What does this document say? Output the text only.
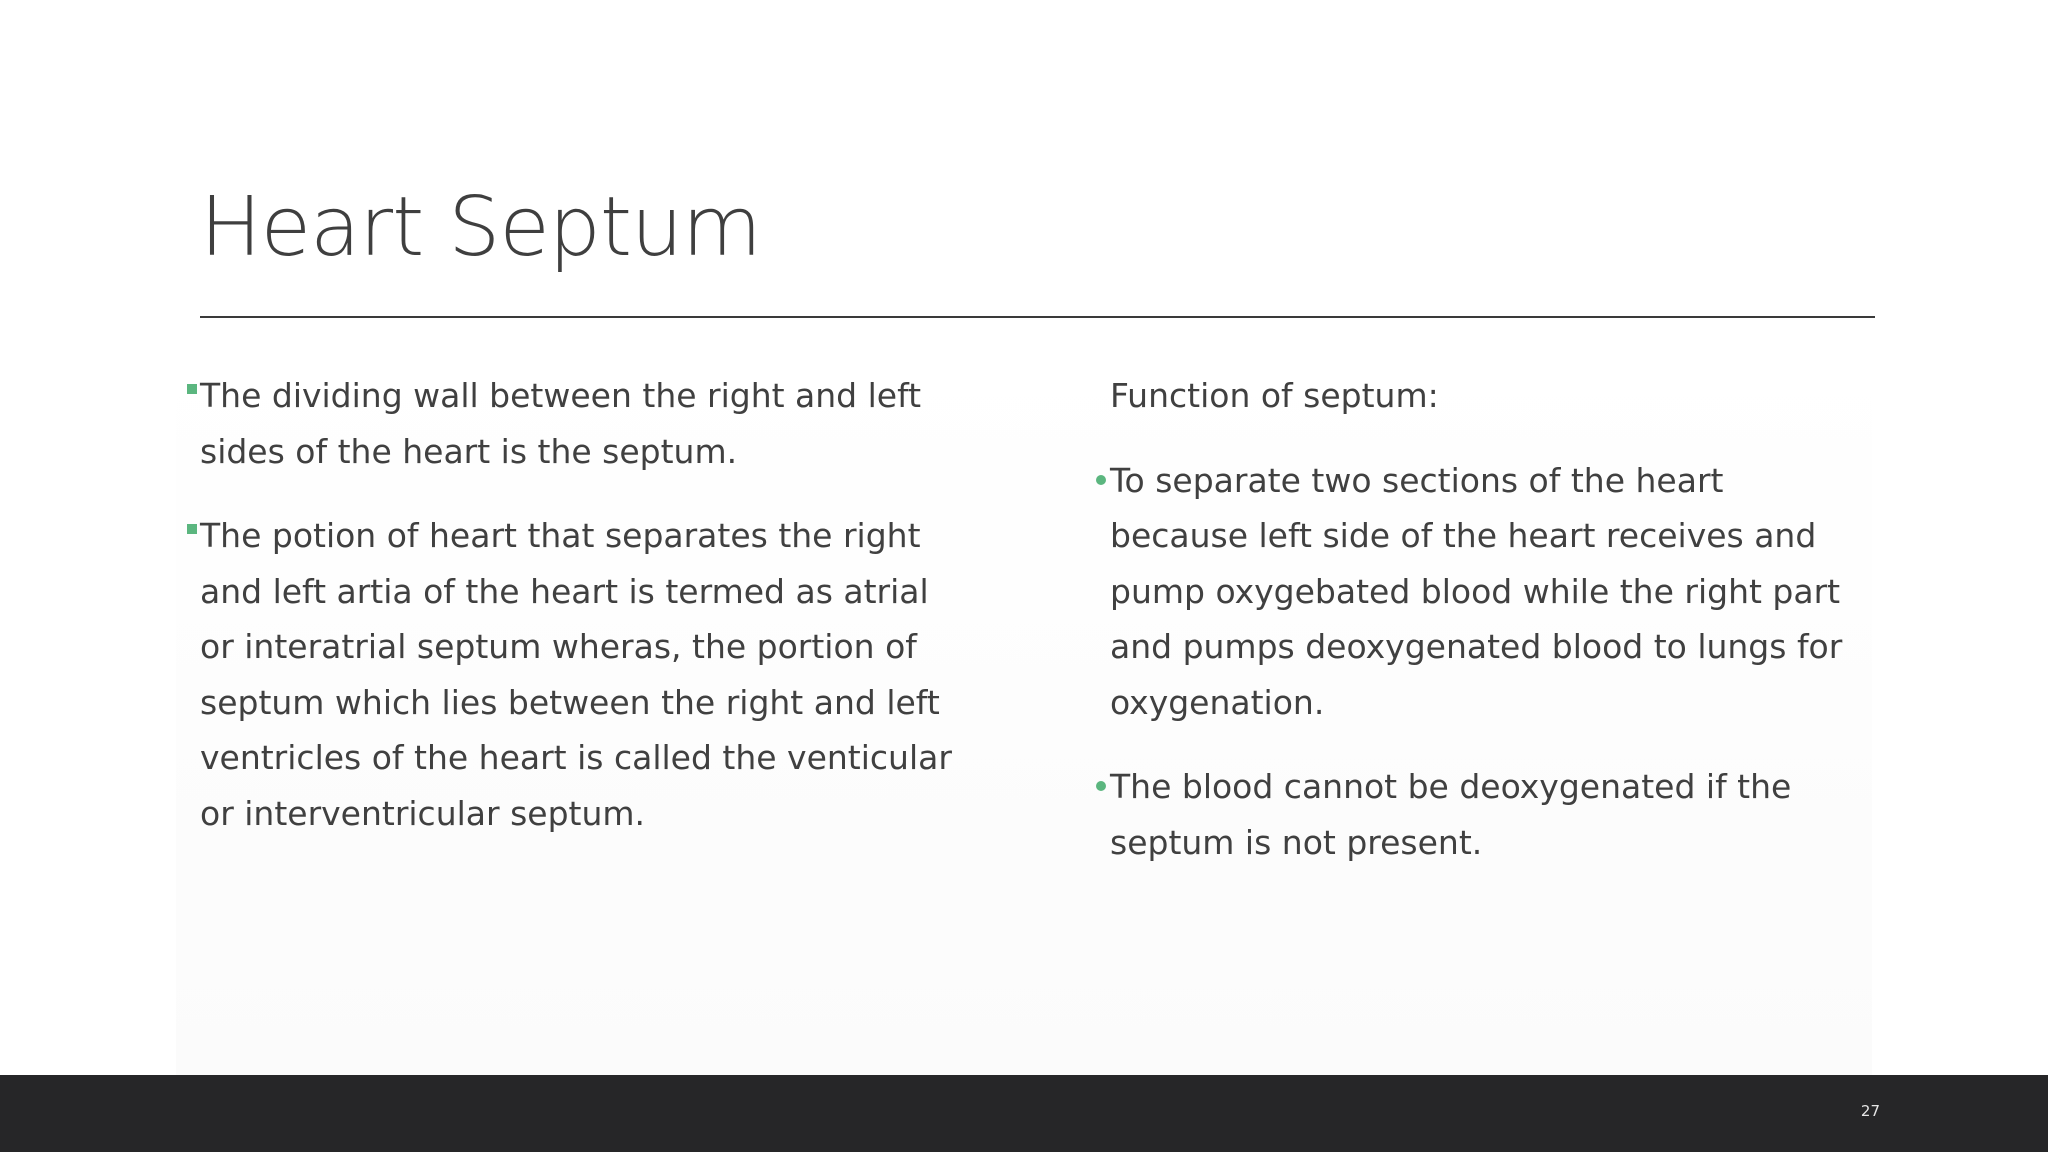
Heart Septum

The dividing wall between the right and left sides of the heart is the septum.

The potion of heart that separates the right and left artia of the heart is termed as atrial or interatrial septum wheras, the portion of septum which lies between the right and left ventricles of the heart is called the venticular or interventricular septum.

Function of septum:

To separate two sections of the heart because left side of the heart receives and pump oxygebated blood while the right part and pumps deoxygenated blood to lungs for oxygenation.

The blood cannot be deoxygenated if the septum is not present.

27
